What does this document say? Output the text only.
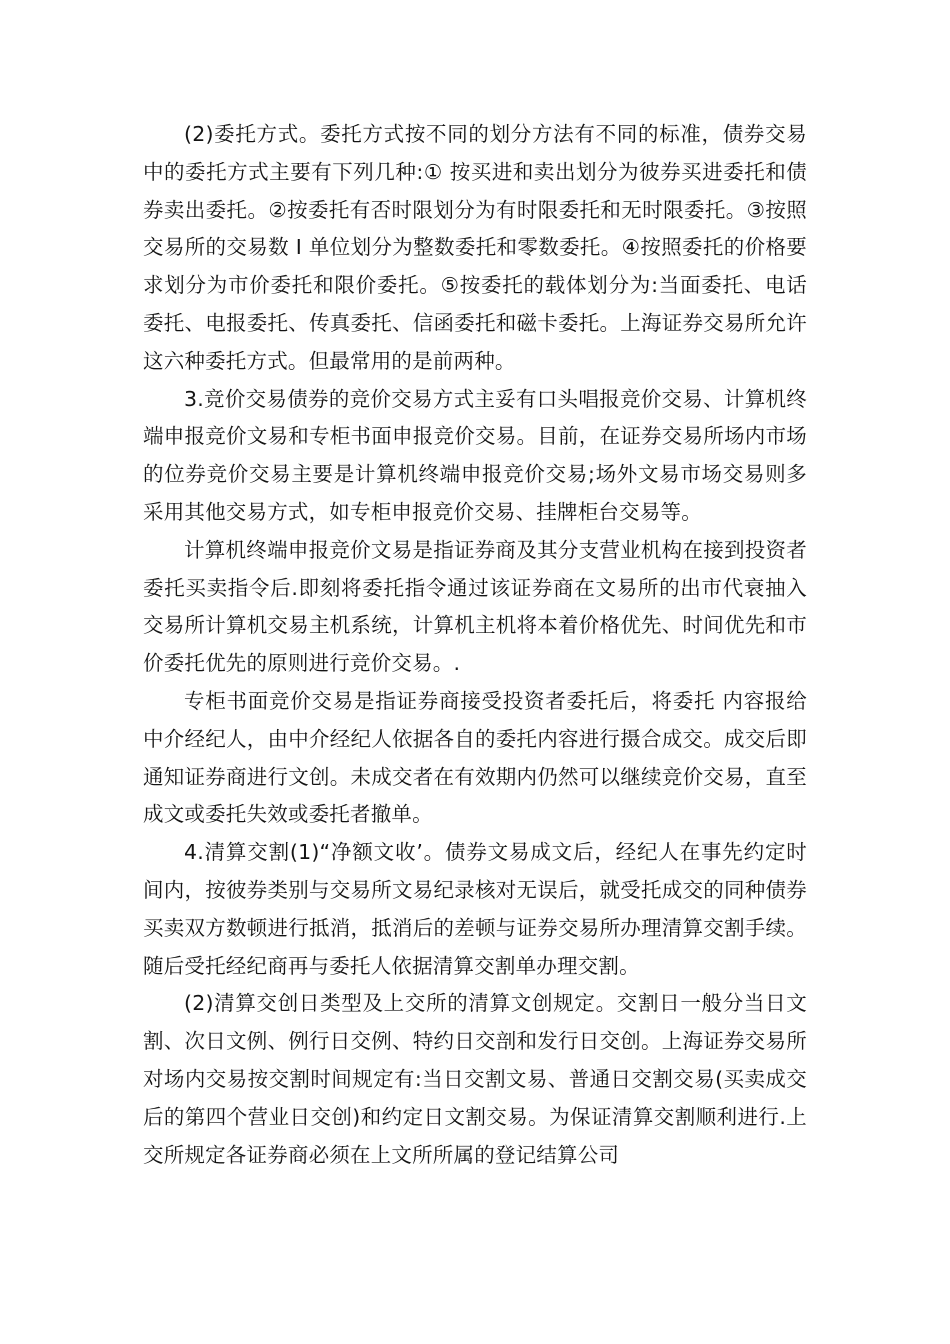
(2)委托方式。委托方式按不同的划分方法有不同的标准，债券交易中的委托方式主要有下列几种:① 按买进和卖出划分为彼券买进委托和债券卖出委托。②按委托有否时限划分为有时限委托和无时限委托。③按照交易所的交易数 I 单位划分为整数委托和零数委托。④按照委托的价格要求划分为市价委托和限价委托。⑤按委托的载体划分为:当面委托、电话委托、电报委托、传真委托、信函委托和磁卡委托。上海证券交易所允许这六种委托方式。但最常用的是前两种。

3.竞价交易债券的竞价交易方式主妥有口头唱报竞价交易、计算机终端申报竞价文易和专柜书面申报竞价交易。目前，在证券交易所场内市场的位券竞价交易主要是计算机终端申报竞价交易;场外文易市场交易则多采用其他交易方式，如专柜申报竞价交易、挂牌柜台交易等。

计算机终端申报竞价文易是指证券商及其分支营业机构在接到投资者委托买卖指令后.即刻将委托指令通过该证券商在文易所的出市代衰抽入交易所计算机交易主机系统，计算机主机将本着价格优先、时间优先和市价委托优先的原则进行竞价交易。.

专柜书面竞价交易是指证券商接受投资者委托后，将委托 内容报给中介经纪人，由中介经纪人依据各自的委托内容进行摄合成交。成交后即通知证券商进行文创。未成交者在有效期内仍然可以继续竞价交易，直至成文或委托失效或委托者撤单。

4.清算交割(1)“净额文收’。债券文易成文后，经纪人在事先约定时间内，按彼券类别与交易所文易纪录核对无误后，就受托成交的同种债券买卖双方数顿进行抵消，抵消后的差顿与证券交易所办理清算交割手续。随后受托经纪商再与委托人依据清算交割单办理交割。

(2)清算交创日类型及上交所的清算文创规定。交割日一般分当日文割、次日文例、例行日交例、特约日交剖和发行日交创。上海证券交易所对场内交易按交割时间规定有:当日交割文易、普通日交割交易(买卖成交后的第四个营业日交创)和约定日文割交易。为保证清算交割顺利进行.上交所规定各证券商必须在上文所所属的登记结算公司
